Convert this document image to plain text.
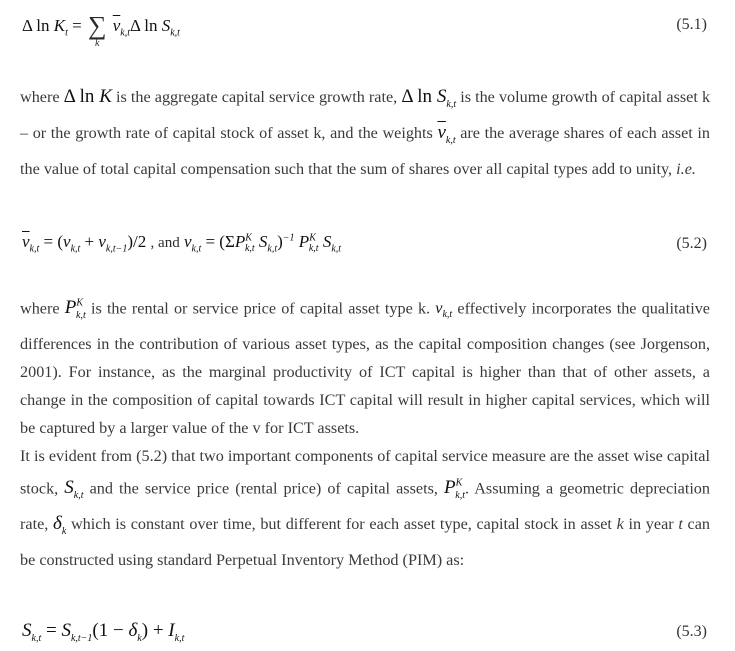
Δ $\ln K_t$ = ∑
k
$\overline{v}_{k,t}\Delta$ $\ln S_{k,t}$
(5.1)

where Δ ln K is the aggregate capital service growth rate, Δ $\ln S_{k,t}$ is the volume growth of capital asset k – or the growth rate of capital stock of asset k, and the weights $\overline{v}_{k,t}$ are the average shares of each asset in the value of total capital compensation such that the sum of shares over all capital types add to unity, i.e.

$\overline{v}_{k,t} = (v_{k,t} + v_{k,t-1})/2$ , and $v_{k,t} = (\Sigma P^K_{k,t}$ $S_{k,t})^{-1}$ $P^K_{k,t}$ $S_{k,t}$	(5.2)

where $P^K_{k,t}$ is the rental or service price of capital asset type k. $v_{k,t}$ effectively incorporates the qualitative differences in the contribution of various asset types, as the capital composition changes (see Jorgenson, 2001). For instance, as the marginal productivity of ICT capital is higher than that of other assets, a change in the composition of capital towards ICT capital will result in higher capital services, which will be captured by a larger value of the v for ICT assets.

It is evident from (5.2) that two important components of capital service measure are the asset wise capital stock, $S_{k,t}$ and the service price (rental price) of capital assets, $P^K_{k,t}$. Assuming a geometric depreciation rate, $\delta_k$ which is constant over time, but different for each asset type, capital stock in asset k in year t can be constructed using standard Perpetual Inventory Method (PIM) as:

$S_{k,t} = S_{k,t-1}(1 - \delta_k) + I_{k,t}$	(5.3)
